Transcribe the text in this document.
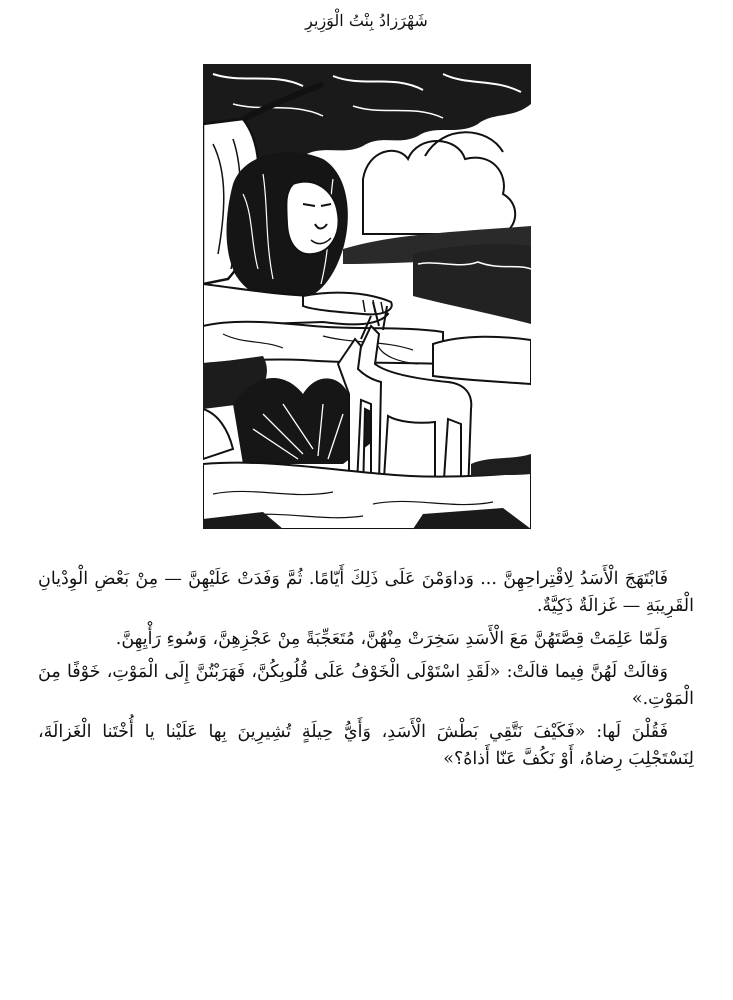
شَهْرَزادُ بِنْتُ الْوَزِيرِ

فَابْتَهَجَ الْأَسَدُ لِاقْتِراحِهِنَّ ... وَداوَمْنَ عَلَى ذَلِكَ أَيّامًا. ثُمَّ وَفَدَتْ عَلَيْهِنَّ — مِنْ بَعْضِ الْوِدْيانِ الْقَرِيبَةِ — غَزالَةٌ ذَكِيَّةٌ.

وَلَمّا عَلِمَتْ قِصَّتَهُنَّ مَعَ الْأَسَدِ سَخِرَتْ مِنْهُنَّ، مُتَعَجِّبَةً مِنْ عَجْزِهِنَّ، وَسُوءِ رَأْيِهِنَّ.

وَقالَتْ لَهُنَّ فِيما قالَتْ: «لَقَدِ اسْتَوْلَى الْخَوْفُ عَلَى قُلُوبِكُنَّ، فَهَرَبْتُنَّ إِلَى الْمَوْتِ، خَوْفًا مِنَ الْمَوْتِ.»

فَقُلْنَ لَها: «فَكَيْفَ نَتَّقِي بَطْشَ الْأَسَدِ، وَأَيُّ حِيلَةٍ تُشِيرِينَ بِها عَلَيْنا يا أُخْتَنا الْغَزالَةَ، لِنَسْتَجْلِبَ رِضاهُ، أَوْ نَكُفَّ عَنّا أَذاهُ؟»
